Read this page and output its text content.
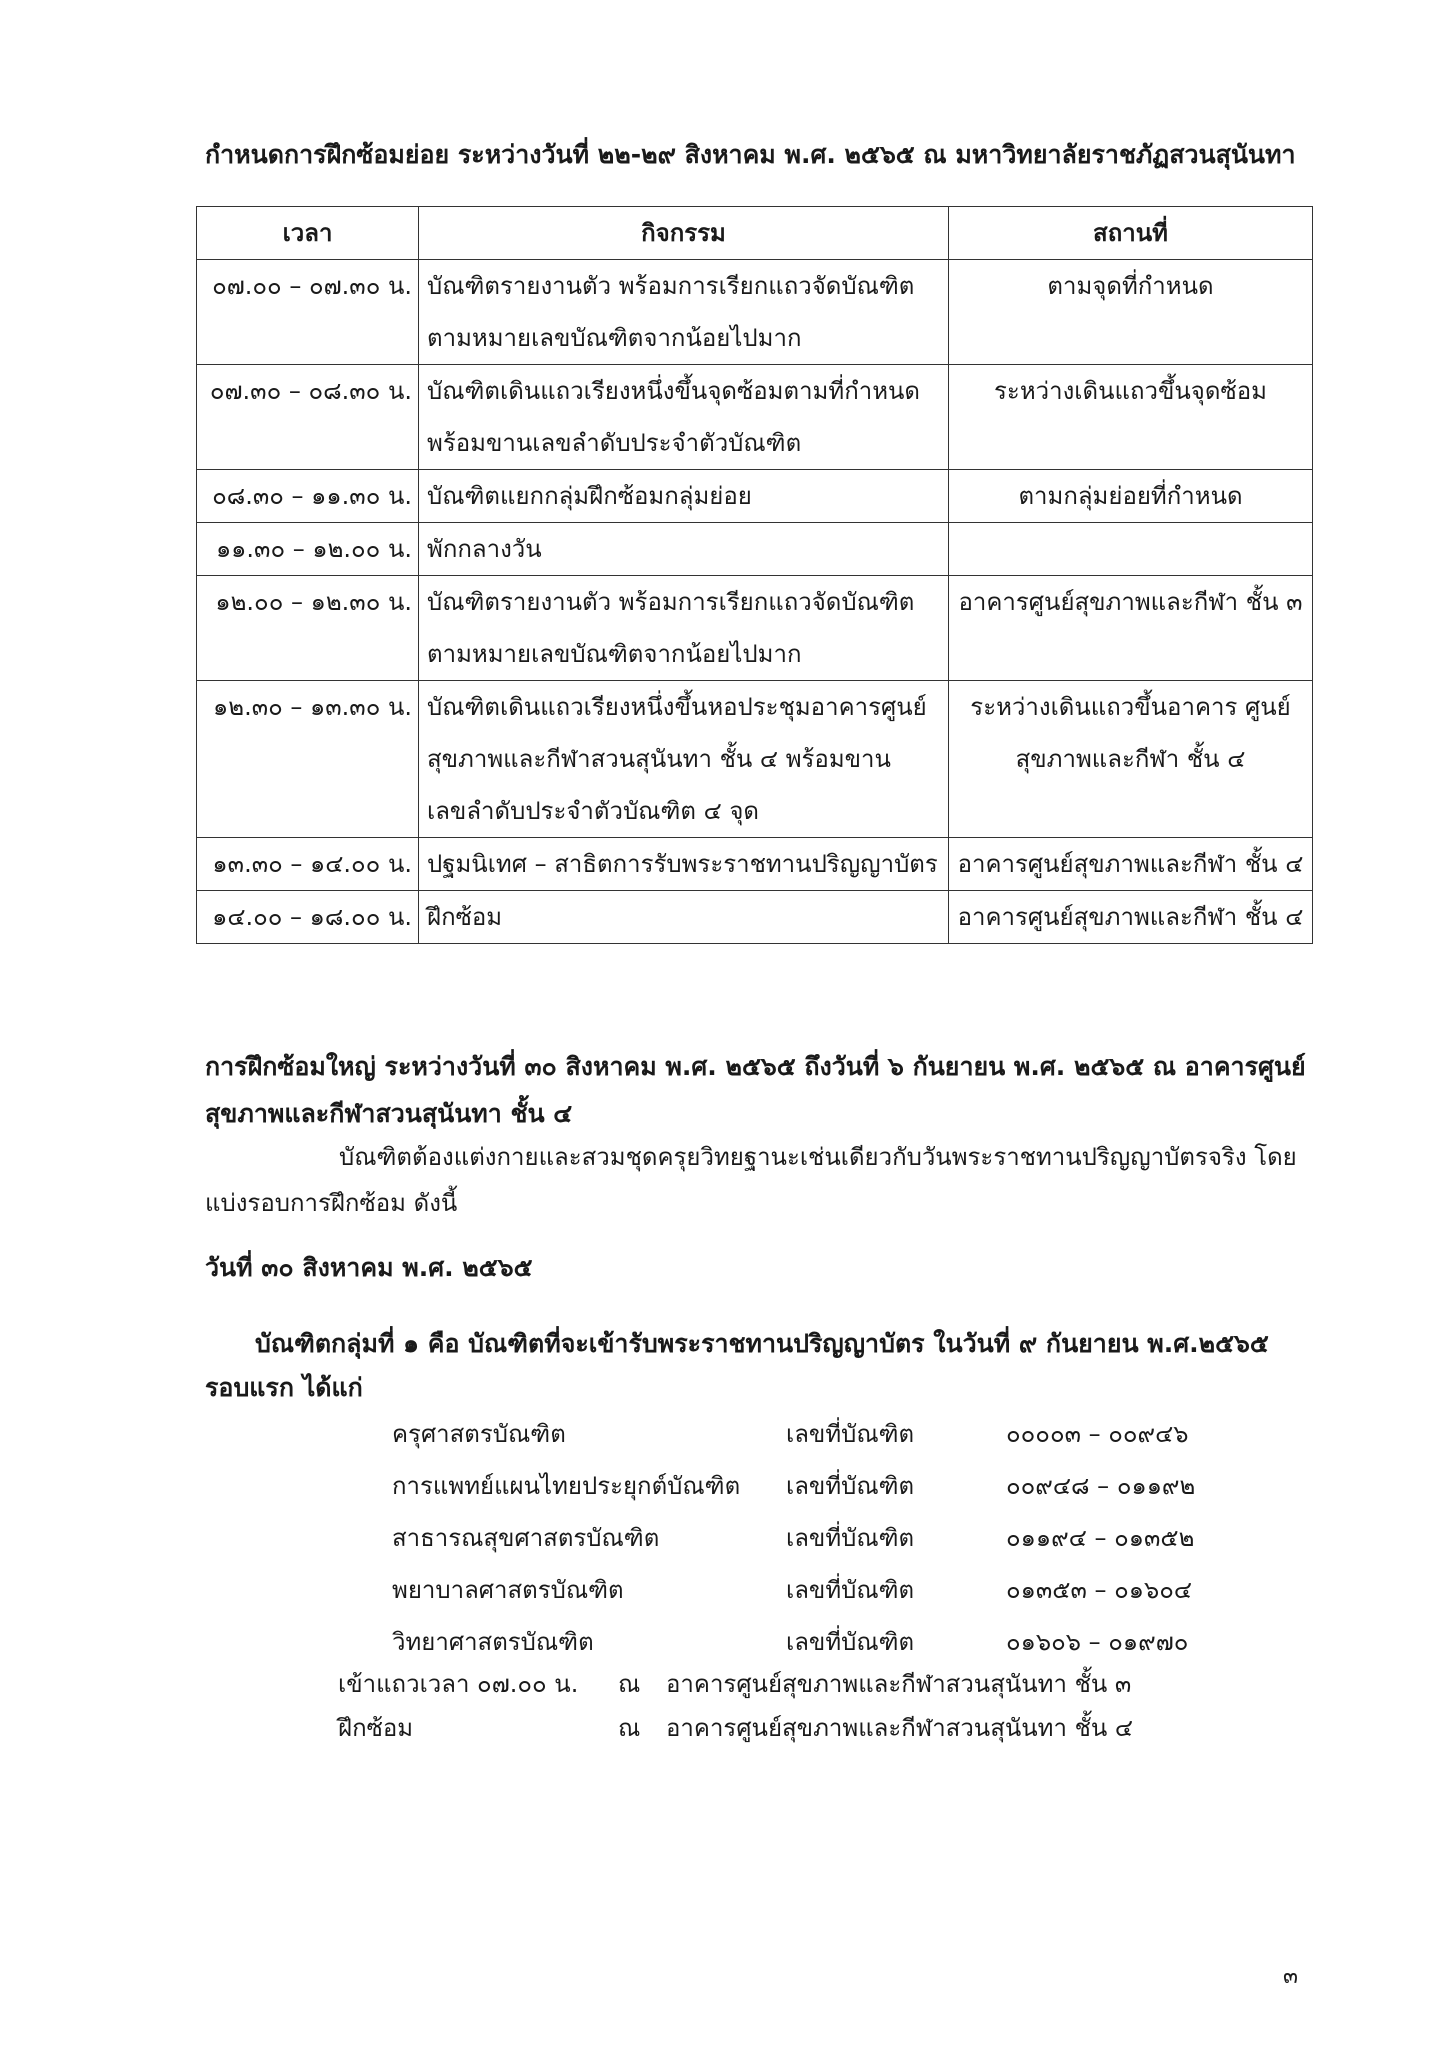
กำหนดการฝึกซ้อมย่อย ระหว่างวันที่ ๒๒-๒๙ สิงหาคม พ.ศ. ๒๕๖๕ ณ มหาวิทยาลัยราชภัฏสวนสุนันทา
เวลา	กิจกรรม	สถานที่
๐๗.๐๐ – ๐๗.๓๐ น.	บัณฑิตรายงานตัว พร้อมการเรียกแถวจัดบัณฑิต ตามหมายเลขบัณฑิตจากน้อยไปมาก	ตามจุดที่กำหนด
๐๗.๓๐ – ๐๘.๓๐ น.	บัณฑิตเดินแถวเรียงหนึ่งขึ้นจุดซ้อมตามที่กำหนด พร้อมขานเลขลำดับประจำตัวบัณฑิต	ระหว่างเดินแถวขึ้นจุดซ้อม
๐๘.๓๐ – ๑๑.๓๐ น.	บัณฑิตแยกกลุ่มฝึกซ้อมกลุ่มย่อย	ตามกลุ่มย่อยที่กำหนด
๑๑.๓๐ – ๑๒.๐๐ น.	พักกลางวัน	
๑๒.๐๐ – ๑๒.๓๐ น.	บัณฑิตรายงานตัว พร้อมการเรียกแถวจัดบัณฑิต ตามหมายเลขบัณฑิตจากน้อยไปมาก	อาคารศูนย์สุขภาพและกีฬา ชั้น ๓
๑๒.๓๐ – ๑๓.๓๐ น.	บัณฑิตเดินแถวเรียงหนึ่งขึ้นหอประชุมอาคารศูนย์สุขภาพและกีฬาสวนสุนันทา ชั้น ๔ พร้อมขานเลขลำดับประจำตัวบัณฑิต ๔ จุด	ระหว่างเดินแถวขึ้นอาคาร ศูนย์สุขภาพและกีฬา ชั้น ๔
๑๓.๓๐ – ๑๔.๐๐ น.	ปฐมนิเทศ – สาธิตการรับพระราชทานปริญญาบัตร	อาคารศูนย์สุขภาพและกีฬา ชั้น ๔
๑๔.๐๐ – ๑๘.๐๐ น.	ฝึกซ้อม	อาคารศูนย์สุขภาพและกีฬา ชั้น ๔
การฝึกซ้อมใหญ่ ระหว่างวันที่ ๓๐ สิงหาคม พ.ศ. ๒๕๖๕ ถึงวันที่ ๖ กันยายน พ.ศ. ๒๕๖๕ ณ อาคารศูนย์สุขภาพและกีฬาสวนสุนันทา ชั้น ๔
บัณฑิตต้องแต่งกายและสวมชุดครุยวิทยฐานะเช่นเดียวกับวันพระราชทานปริญญาบัตรจริง โดยแบ่งรอบการฝึกซ้อม ดังนี้
วันที่ ๓๐ สิงหาคม พ.ศ. ๒๕๖๕
บัณฑิตกลุ่มที่ ๑ คือ บัณฑิตที่จะเข้ารับพระราชทานปริญญาบัตร ในวันที่ ๙ กันยายน พ.ศ.๒๕๖๕ รอบแรก ได้แก่
ครุศาสตรบัณฑิต	เลขที่บัณฑิต	๐๐๐๐๓ – ๐๐๙๔๖
การแพทย์แผนไทยประยุกต์บัณฑิต เลขที่บัณฑิต	๐๐๙๔๘ – ๐๑๑๙๒
สาธารณสุขศาสตรบัณฑิต	เลขที่บัณฑิต	๐๑๑๙๔ – ๐๑๓๕๒
พยาบาลศาสตรบัณฑิต	เลขที่บัณฑิต	๐๑๓๕๓ – ๐๑๖๐๔
วิทยาศาสตรบัณฑิต	เลขที่บัณฑิต	๐๑๖๐๖ – ๐๑๙๗๐
เข้าแถวเวลา ๐๗.๐๐ น. ณ อาคารศูนย์สุขภาพและกีฬาสวนสุนันทา ชั้น ๓
ฝึกซ้อม	ณ อาคารศูนย์สุขภาพและกีฬาสวนสุนันทา ชั้น ๔
๓
